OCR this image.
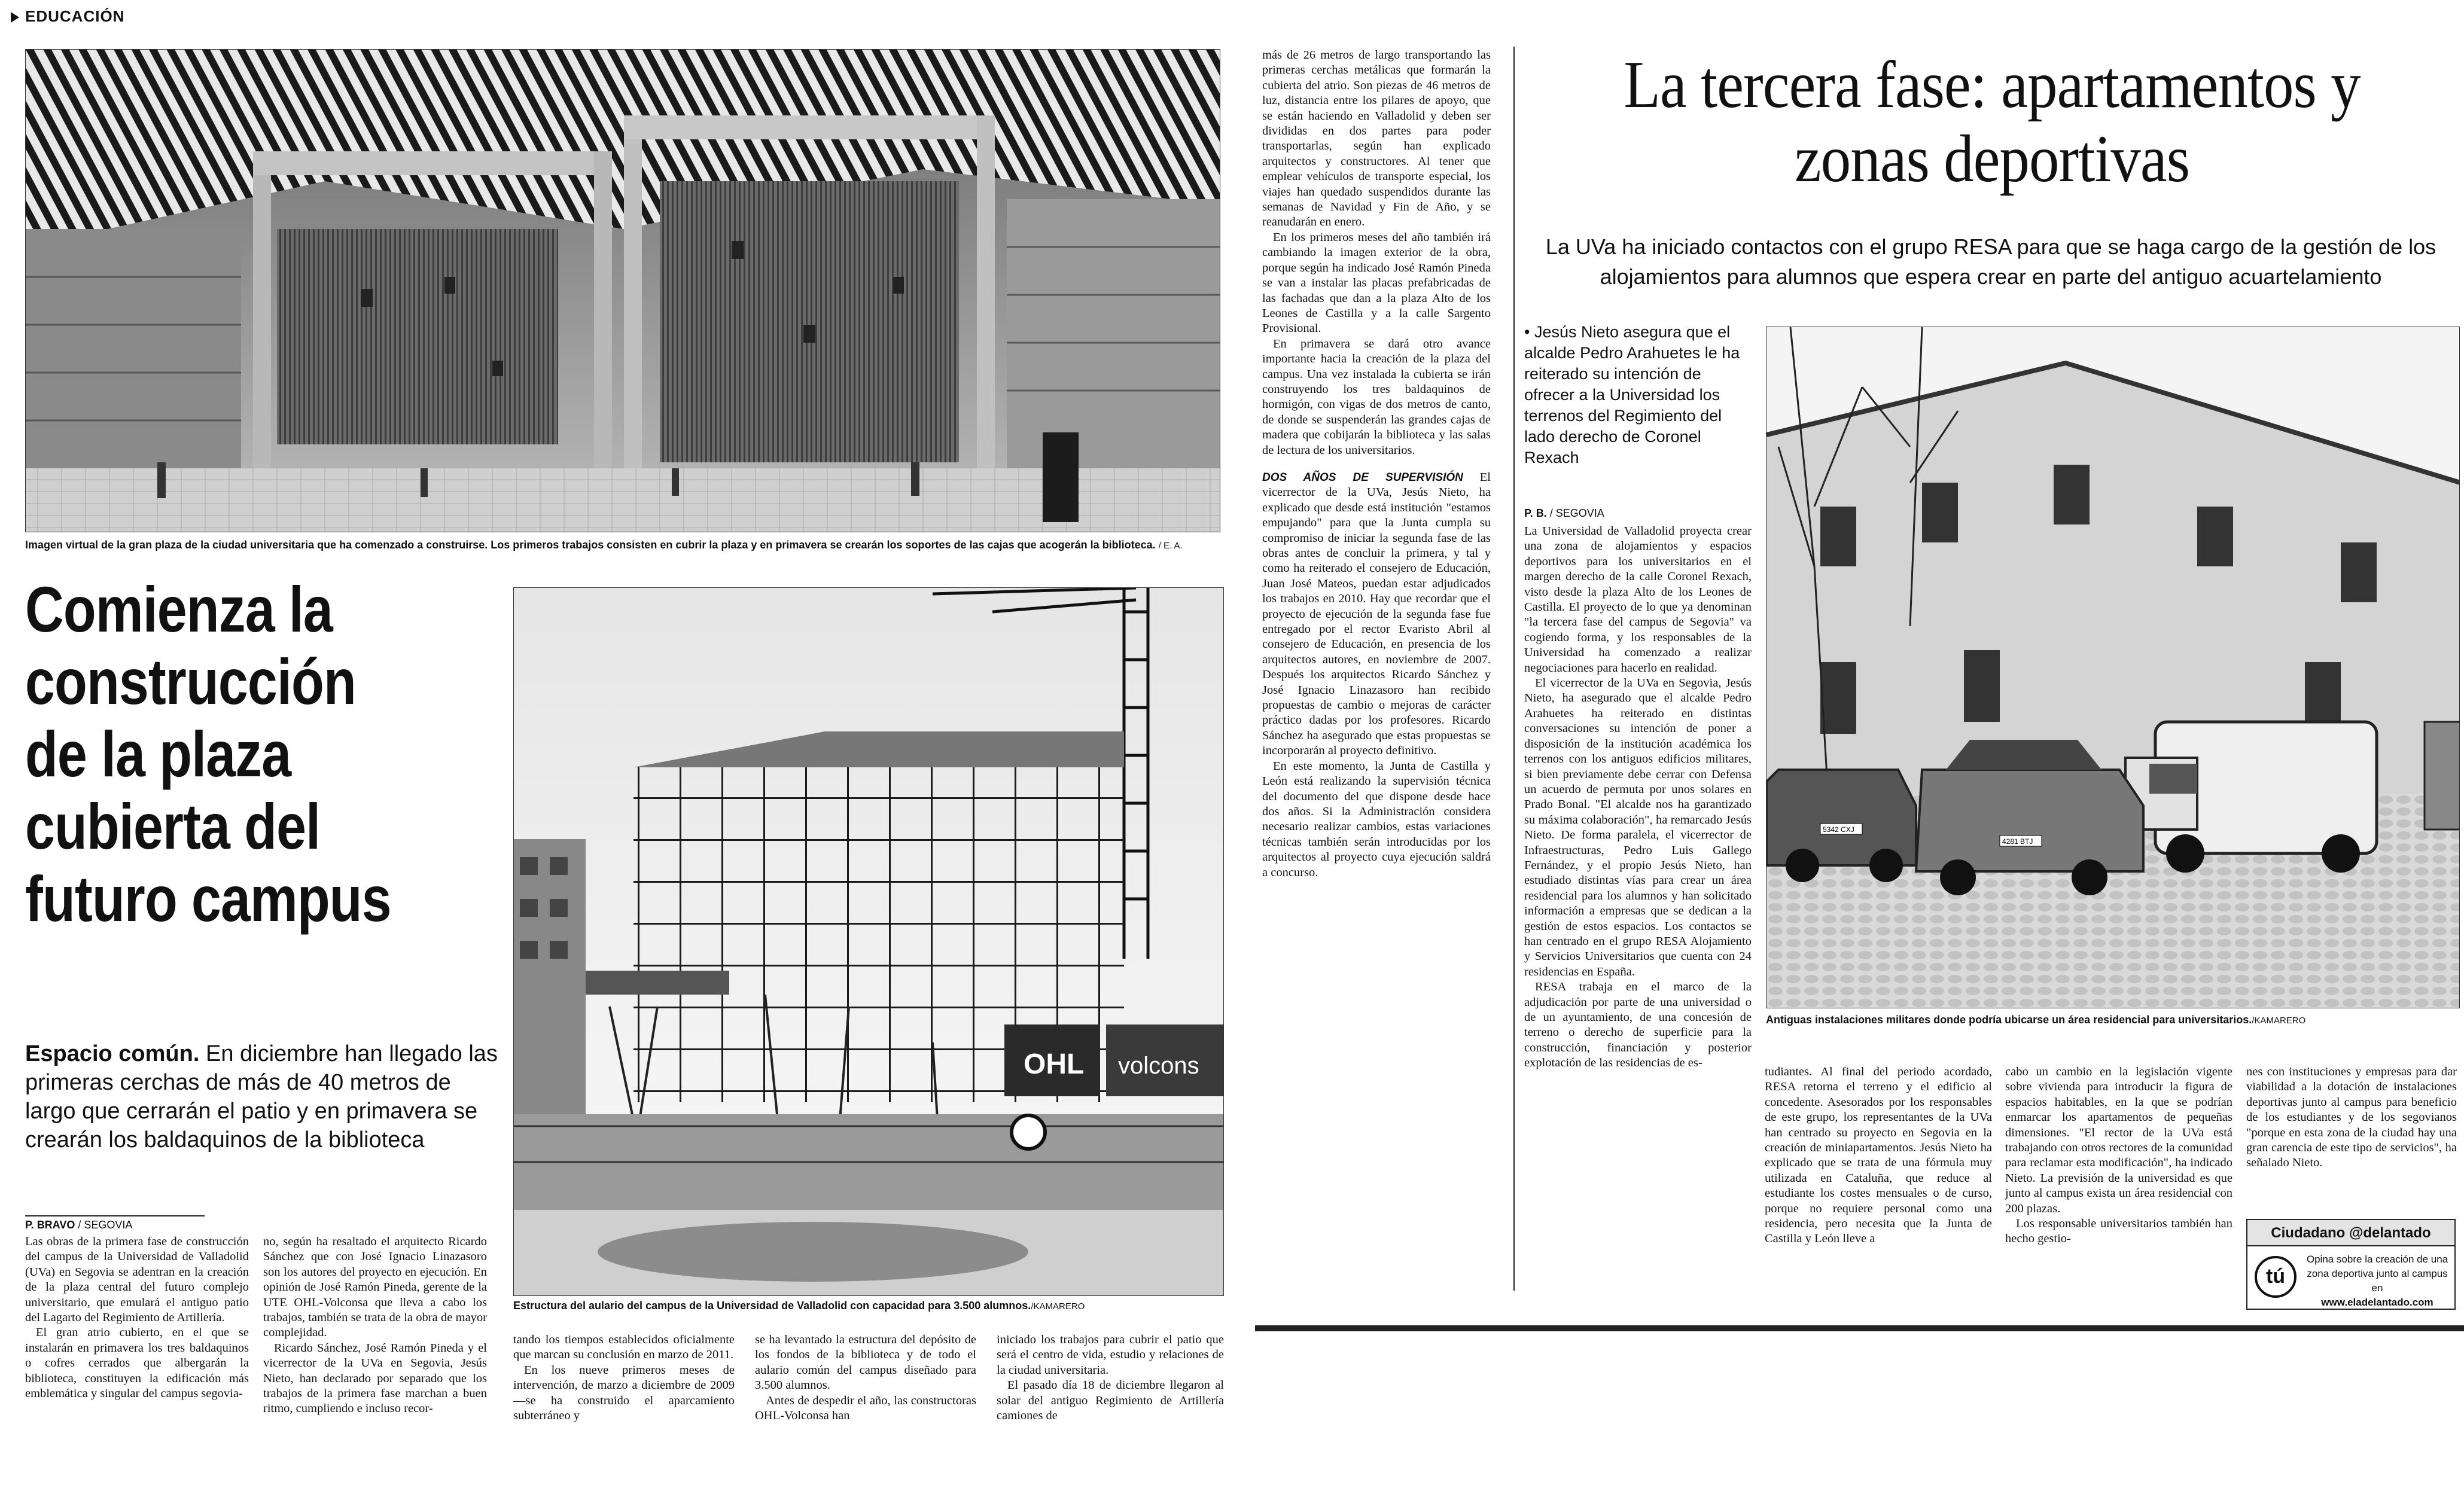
EDUCACIÓN
Imagen virtual de la gran plaza de la ciudad universitaria que ha comenzado a construirse. Los primeros trabajos consisten en cubrir la plaza y en primavera se crearán los soportes de las cajas que acogerán la biblioteca. / E. A.
Comienza la construcción de la plaza cubierta del futuro campus
Espacio común. En diciembre han llegado las primeras cerchas de más de 40 metros de largo que cerrarán el patio y en primavera se crearán los baldaquinos de la biblioteca
P. BRAVO / SEGOVIA
OHL volcons
Estructura del aulario del campus de la Universidad de Valladolid con capacidad para 3.500 alumnos./KAMARERO

Las obras de la primera fase de construcción del campus de la Universidad de Valladolid (UVa) en Segovia se adentran en la creación de la plaza central del futuro complejo universitario, que emulará el antiguo patio del Lagarto del Regimiento de Artillería.

El gran atrio cubierto, en el que se instalarán en primavera los tres baldaquinos o cofres cerrados que albergarán la biblioteca, constituyen la edificación más emblemática y singular del campus segovia-

no, según ha resaltado el arquitecto Ricardo Sánchez que con José Ignacio Linazasoro son los autores del proyecto en ejecución. En opinión de José Ramón Pineda, gerente de la UTE OHL-Volconsa que lleva a cabo los trabajos, también se trata de la obra de mayor complejidad.

Ricardo Sánchez, José Ramón Pineda y el vicerrector de la UVa en Segovia, Jesús Nieto, han declarado por separado que los trabajos de la primera fase marchan a buen ritmo, cumpliendo e incluso recor-

tando los tiempos establecidos oficialmente que marcan su conclusión en marzo de 2011.

En los nueve primeros meses de intervención, de marzo a diciembre de 2009 —se ha construido el aparcamiento subterráneo y

se ha levantado la estructura del depósito de los fondos de la biblioteca y de todo el aulario común del campus diseñado para 3.500 alumnos.

Antes de despedir el año, las constructoras OHL-Volconsa han

iniciado los trabajos para cubrir el patio que será el centro de vida, estudio y relaciones de la ciudad universitaria.

El pasado día 18 de diciembre llegaron al solar del antiguo Regimiento de Artillería camiones de

más de 26 metros de largo transportando las primeras cerchas metálicas que formarán la cubierta del atrio. Son piezas de 46 metros de luz, distancia entre los pilares de apoyo, que se están haciendo en Valladolid y deben ser divididas en dos partes para poder transportarlas, según han explicado arquitectos y constructores. Al tener que emplear vehículos de transporte especial, los viajes han quedado suspendidos durante las semanas de Navidad y Fin de Año, y se reanudarán en enero.

En los primeros meses del año también irá cambiando la imagen exterior de la obra, porque según ha indicado José Ramón Pineda se van a instalar las placas prefabricadas de las fachadas que dan a la plaza Alto de los Leones de Castilla y a la calle Sargento Provisional.

En primavera se dará otro avance importante hacia la creación de la plaza del campus. Una vez instalada la cubierta se irán construyendo los tres baldaquinos de hormigón, con vigas de dos metros de canto, de donde se suspenderán las grandes cajas de madera que cobijarán la biblioteca y las salas de lectura de los universitarios.

DOS AÑOS DE SUPERVISIÓN El vicerrector de la UVa, Jesús Nieto, ha explicado que desde está institución "estamos empujando" para que la Junta cumpla su compromiso de iniciar la segunda fase de las obras antes de concluir la primera, y tal y como ha reiterado el consejero de Educación, Juan José Mateos, puedan estar adjudicados los trabajos en 2010. Hay que recordar que el proyecto de ejecución de la segunda fase fue entregado por el rector Evaristo Abril al consejero de Educación, en presencia de los arquitectos autores, en noviembre de 2007. Después los arquitectos Ricardo Sánchez y José Ignacio Linazasoro han recibido propuestas de cambio o mejoras de carácter práctico dadas por los profesores. Ricardo Sánchez ha asegurado que estas propuestas se incorporarán al proyecto definitivo.

En este momento, la Junta de Castilla y León está realizando la supervisión técnica del documento del que dispone desde hace dos años. Si la Administración considera necesario realizar cambios, estas variaciones técnicas también serán introducidas por los arquitectos al proyecto cuya ejecución saldrá a concurso.

La tercera fase: apartamentos y zonas deportivas
La UVa ha iniciado contactos con el grupo RESA para que se haga cargo de la gestión de los alojamientos para alumnos que espera crear en parte del antiguo acuartelamiento
• Jesús Nieto asegura que el alcalde Pedro Arahuetes le ha reiterado su intención de ofrecer a la Universidad los terrenos del Regimiento del lado derecho de Coronel Rexach
P. B. / SEGOVIA
4281 BTJ
5342 CXJ
Antiguas instalaciones militares donde podría ubicarse un área residencial para universitarios./KAMARERO

La Universidad de Valladolid proyecta crear una zona de alojamientos y espacios deportivos para los universitarios en el margen derecho de la calle Coronel Rexach, visto desde la plaza Alto de los Leones de Castilla. El proyecto de lo que ya denominan "la tercera fase del campus de Segovia" va cogiendo forma, y los responsables de la Universidad ha comenzado a realizar negociaciones para hacerlo en realidad.

El vicerrector de la UVa en Segovia, Jesús Nieto, ha asegurado que el alcalde Pedro Arahuetes ha reiterado en distintas conversaciones su intención de poner a disposición de la institución académica los terrenos con los antiguos edificios militares, si bien previamente debe cerrar con Defensa un acuerdo de permuta por unos solares en Prado Bonal. "El alcalde nos ha garantizado su máxima colaboración", ha remarcado Jesús Nieto. De forma paralela, el vicerrector de Infraestructuras, Pedro Luis Gallego Fernández, y el propio Jesús Nieto, han estudiado distintas vías para crear un área residencial para los alumnos y han solicitado información a empresas que se dedican a la gestión de estos espacios. Los contactos se han centrado en el grupo RESA Alojamiento y Servicios Universitarios que cuenta con 24 residencias en España.

RESA trabaja en el marco de la adjudicación por parte de una universidad o de un ayuntamiento, de una concesión de terreno o derecho de superficie para la construcción, financiación y posterior explotación de las residencias de es-

tudiantes. Al final del periodo acordado, RESA retorna el terreno y el edificio al concedente. Asesorados por los responsables de este grupo, los representantes de la UVa han centrado su proyecto en Segovia en la creación de miniapartamentos. Jesús Nieto ha explicado que se trata de una fórmula muy utilizada en Cataluña, que reduce al estudiante los costes mensuales o de curso, porque no requiere personal como una residencia, pero necesita que la Junta de Castilla y León lleve a

cabo un cambio en la legislación vigente sobre vivienda para introducir la figura de espacios habitables, en la que se podrían enmarcar los apartamentos de pequeñas dimensiones. "El rector de la UVa está trabajando con otros rectores de la comunidad para reclamar esta modificación", ha indicado Nieto. La previsión de la universidad es que junto al campus exista un área residencial con 200 plazas.

Los responsable universitarios también han hecho gestio-

nes con instituciones y empresas para dar viabilidad a la dotación de instalaciones deportivas junto al campus para beneficio de los estudiantes y de los segovianos "porque en esta zona de la ciudad hay una gran carencia de este tipo de servicios", ha señalado Nieto.

Ciudadano @delantado
tú
Opina sobre la creación de una zona deportiva junto al campus en
www.eladelantado.com
